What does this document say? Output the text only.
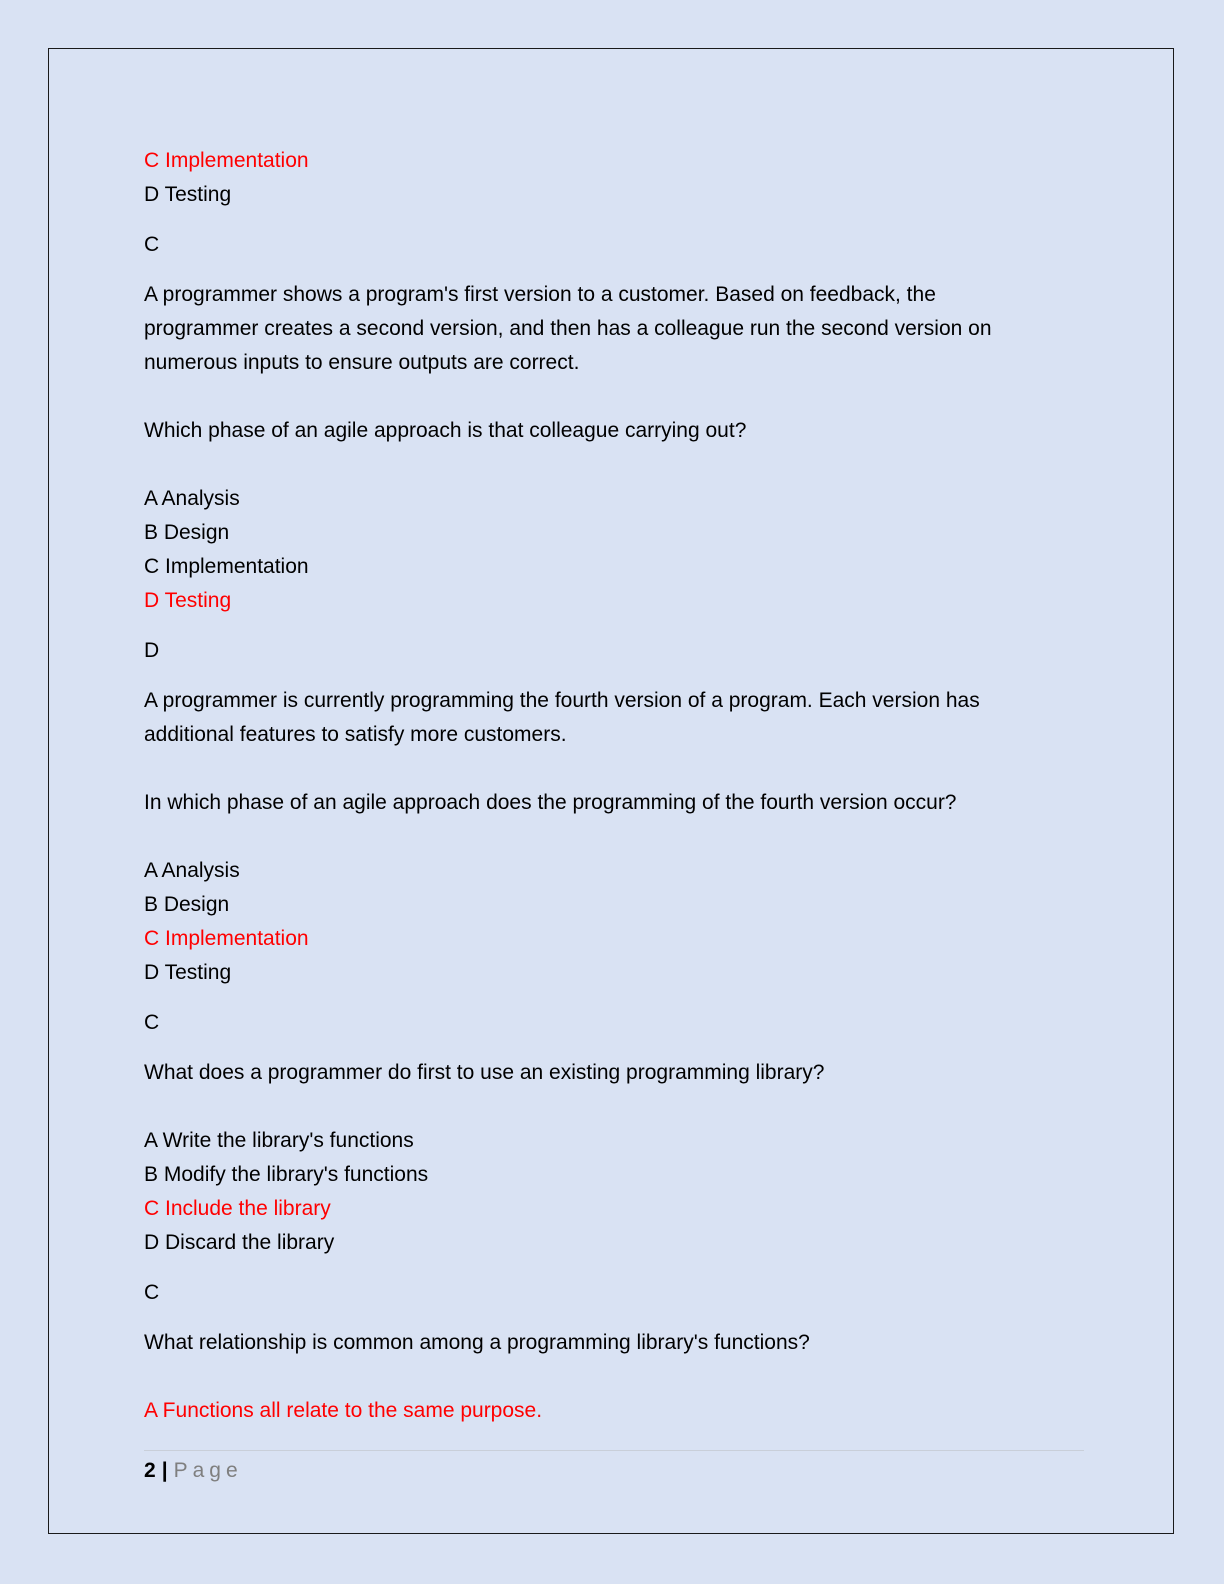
C Implementation
D Testing
C
A programmer shows a program's first version to a customer. Based on feedback, the
programmer creates a second version, and then has a colleague run the second version on
numerous inputs to ensure outputs are correct.
Which phase of an agile approach is that colleague carrying out?
A Analysis
B Design
C Implementation
D Testing
D
A programmer is currently programming the fourth version of a program. Each version has
additional features to satisfy more customers.
In which phase of an agile approach does the programming of the fourth version occur?
A Analysis
B Design
C Implementation
D Testing
C
What does a programmer do first to use an existing programming library?
A Write the library's functions
B Modify the library's functions
C Include the library
D Discard the library
C
What relationship is common among a programming library's functions?
A Functions all relate to the same purpose.
2 | Page
